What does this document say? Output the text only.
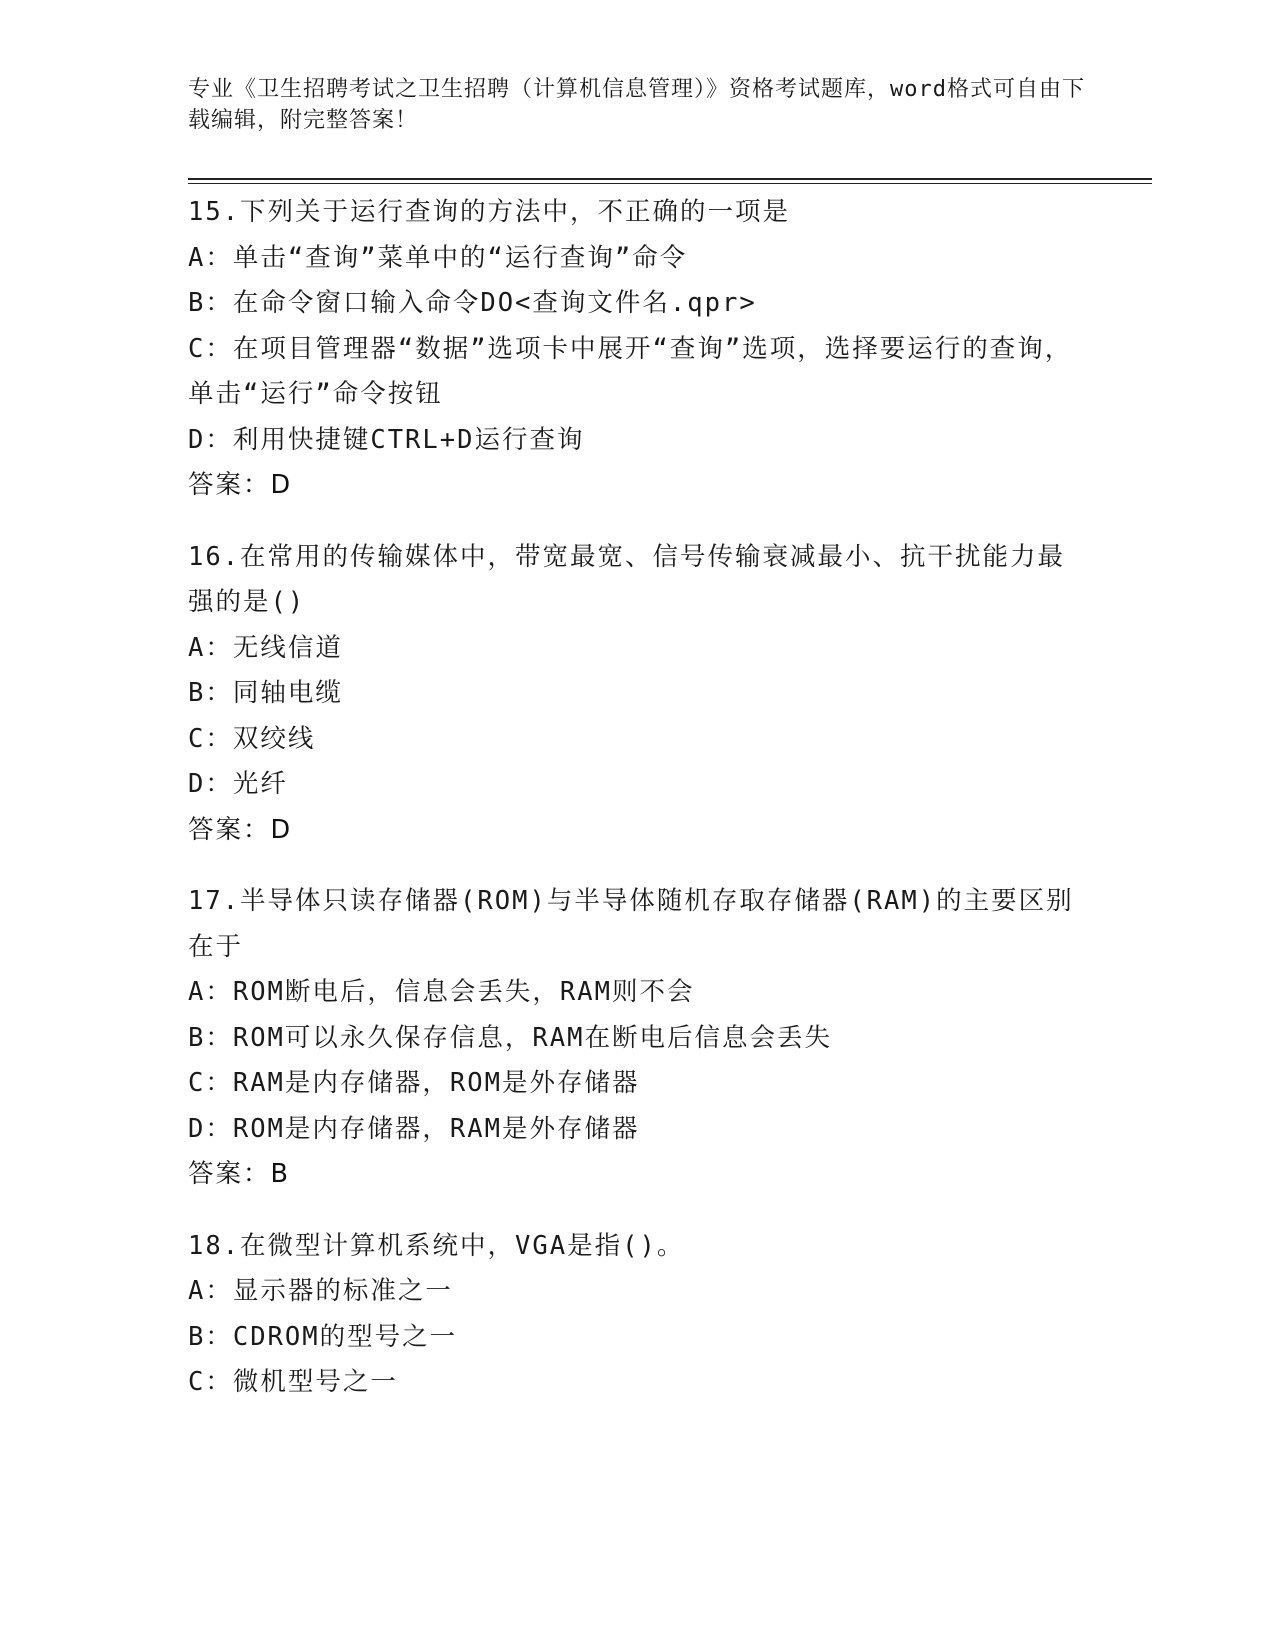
专业《卫生招聘考试之卫生招聘（计算机信息管理）》资格考试题库，word格式可自由下载编辑，附完整答案！
15.下列关于运行查询的方法中，不正确的一项是
A：单击“查询”菜单中的“运行查询”命令
B：在命令窗口输入命令DO<查询文件名.qpr>
C：在项目管理器“数据”选项卡中展开“查询”选项，选择要运行的查询，单击“运行”命令按钮
D：利用快捷键CTRL+D运行查询
答案：D
16.在常用的传输媒体中，带宽最宽、信号传输衰减最小、抗干扰能力最强的是()
A：无线信道
B：同轴电缆
C：双绞线
D：光纤
答案：D
17.半导体只读存储器(ROM)与半导体随机存取存储器(RAM)的主要区别在于
A：ROM断电后，信息会丢失，RAM则不会
B：ROM可以永久保存信息，RAM在断电后信息会丢失
C：RAM是内存储器，ROM是外存储器
D：ROM是内存储器，RAM是外存储器
答案：B
18.在微型计算机系统中，VGA是指()。
A：显示器的标准之一
B：CDROM的型号之一
C：微机型号之一
